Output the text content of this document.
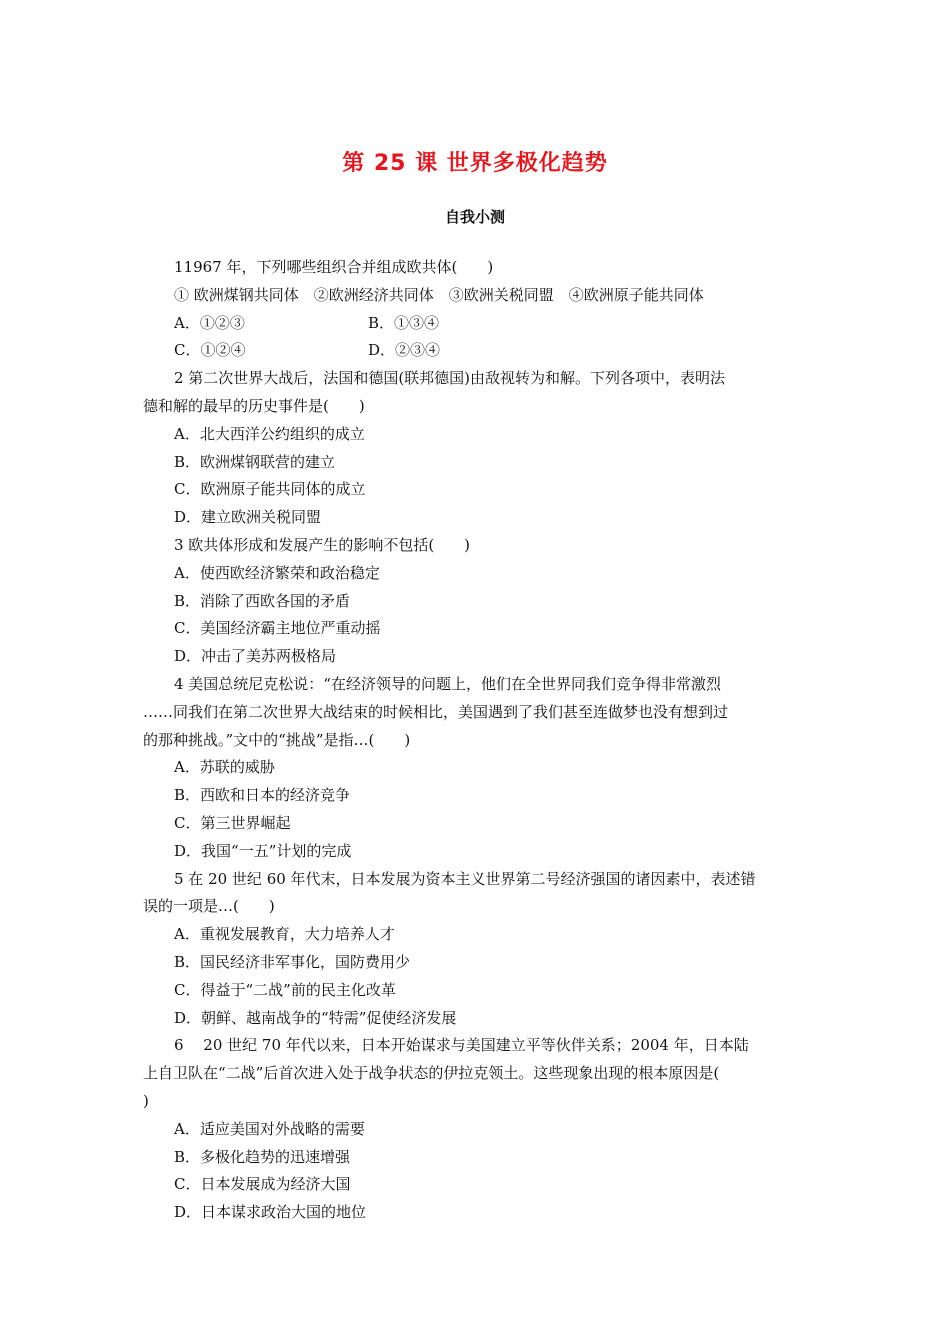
第 25 课 世界多极化趋势
自我小测
11967 年，下列哪些组织合并组成欧共体(　　)
① 欧洲煤钢共同体　②欧洲经济共同体　③欧洲关税同盟　④欧洲原子能共同体
A．①②③	B．①③④
C．①②④	D．②③④
2 第二次世界大战后，法国和德国(联邦德国)由敌视转为和解。下列各项中，表明法
德和解的最早的历史事件是(　　)
A．北大西洋公约组织的成立
B．欧洲煤钢联营的建立
C．欧洲原子能共同体的成立
D．建立欧洲关税同盟
3 欧共体形成和发展产生的影响不包括(　　)
A．使西欧经济繁荣和政治稳定
B．消除了西欧各国的矛盾
C．美国经济霸主地位严重动摇
D．冲击了美苏两极格局
4 美国总统尼克松说：“在经济领导的问题上，他们在全世界同我们竞争得非常激烈
……同我们在第二次世界大战结束的时候相比，美国遇到了我们甚至连做梦也没有想到过
的那种挑战。”文中的“挑战”是指…(　　)
A．苏联的威胁
B．西欧和日本的经济竞争
C．第三世界崛起
D．我国“一五”计划的完成
5 在 20 世纪 60 年代末，日本发展为资本主义世界第二号经济强国的诸因素中，表述错
误的一项是…(　　)
A．重视发展教育，大力培养人才
B．国民经济非军事化，国防费用少
C．得益于“二战”前的民主化改革
D．朝鲜、越南战争的“特需”促使经济发展
6　 20 世纪 70 年代以来，日本开始谋求与美国建立平等伙伴关系；2004 年，日本陆
上自卫队在“二战”后首次进入处于战争状态的伊拉克领土。这些现象出现的根本原因是(
)
A．适应美国对外战略的需要
B．多极化趋势的迅速增强
C．日本发展成为经济大国
D．日本谋求政治大国的地位
